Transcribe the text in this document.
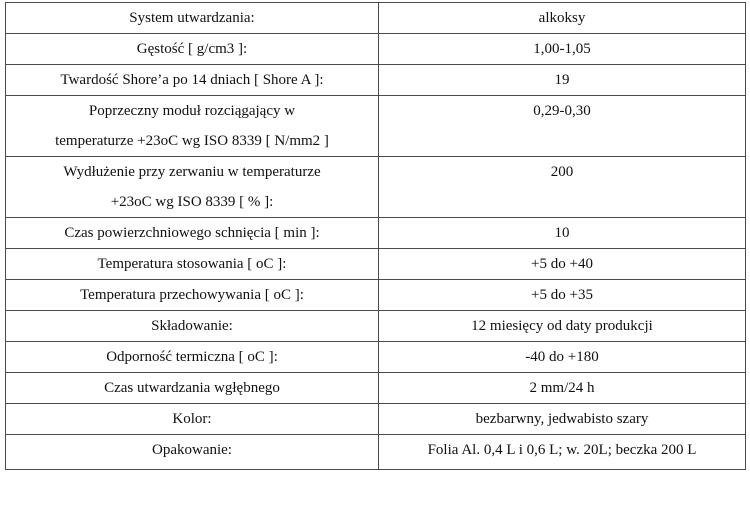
System utwardzania:	alkoksy

Gęstość [ g/cm3 ]:	1,00-1,05

Twardość Shore’a po 14 dniach [ Shore A ]:	19

Poprzeczny moduł rozciągający w
temperaturze +23oC wg ISO 8339 [ N/mm2 ]	0,29-0,30

Wydłużenie przy zerwaniu w temperaturze
+23oC wg ISO 8339 [ % ]:	200

Czas powierzchniowego schnięcia [ min ]:	10

Temperatura stosowania [ oC ]:	+5 do +40

Temperatura przechowywania [ oC ]:	+5 do +35

Składowanie:	12 miesięcy od daty produkcji

Odporność termiczna [ oC ]:	-40 do +180

Czas utwardzania wgłębnego	2 mm/24 h

Kolor:	bezbarwny, jedwabisto szary

Opakowanie:	Folia Al. 0,4 L i 0,6 L; w. 20L; beczka 200 L
